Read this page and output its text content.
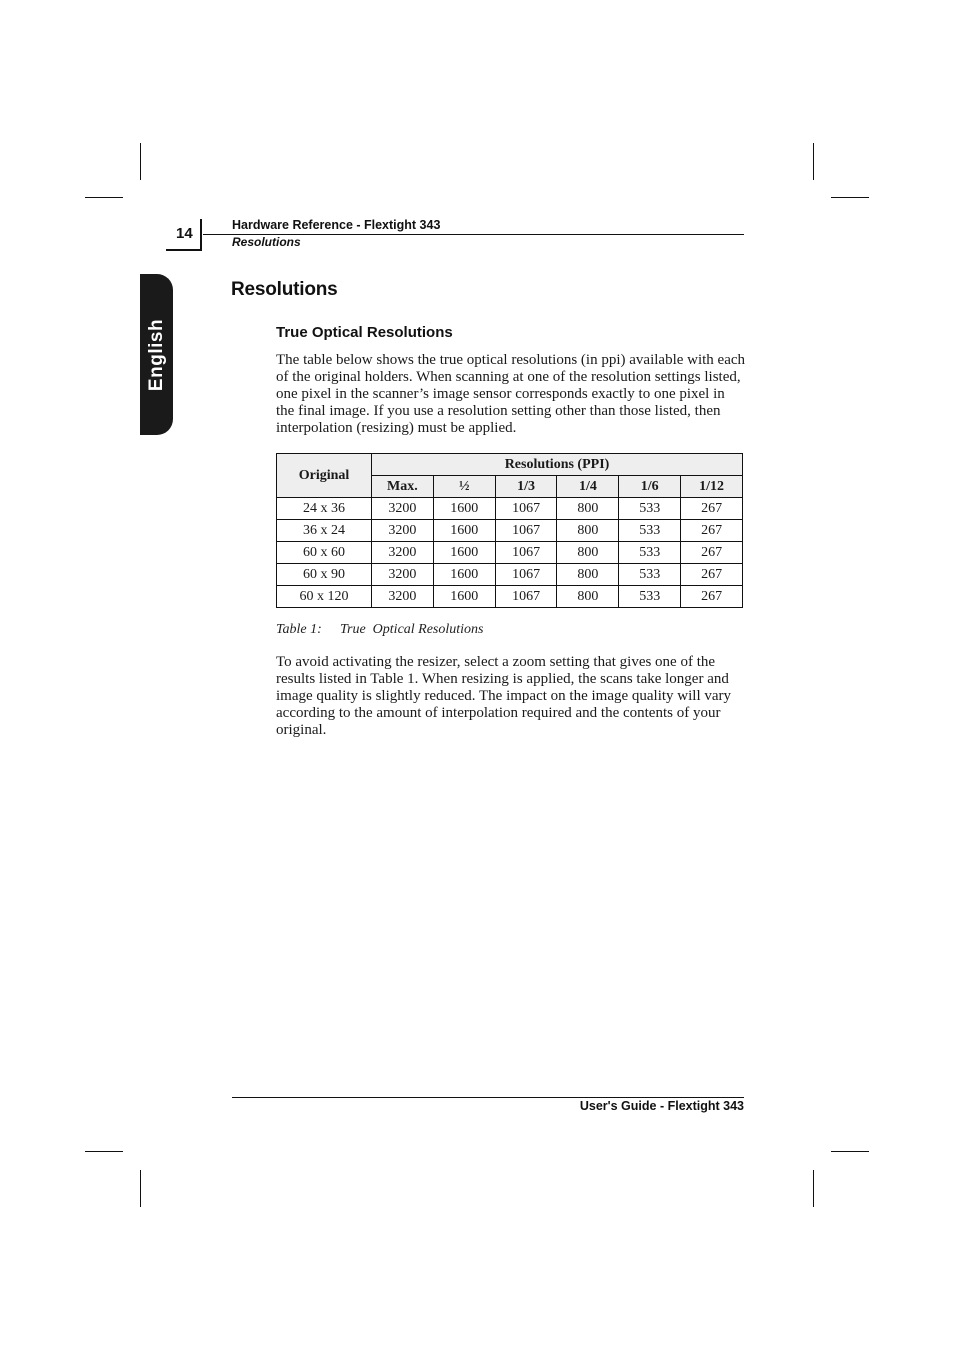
14	Hardware Reference - Flextight 343
Resolutions
English
Resolutions
True Optical Resolutions

The table below shows the true optical resolutions (in ppi) available with each of the original holders. When scanning at one of the resolution settings listed, one pixel in the scanner’s image sensor corresponds exactly to one pixel in the final image. If you use a resolution setting other than those listed, then interpolation (resizing) must be applied.

Original	Resolutions (PPI)					
	Max.	½	1/3	1/4	1/6	1/12
24 x 36	3200	1600	1067	800	533	267
36 x 24	3200	1600	1067	800	533	267
60 x 60	3200	1600	1067	800	533	267
60 x 90	3200	1600	1067	800	533	267
60 x 120	3200	1600	1067	800	533	267
Table 1: True  Optical Resolutions

To avoid activating the resizer, select a zoom setting that gives one of the results listed in Table 1. When resizing is applied, the scans take longer and image quality is slightly reduced. The impact on the image quality will vary according to the amount of interpolation required and the contents of your original.

User's Guide - Flextight 343
